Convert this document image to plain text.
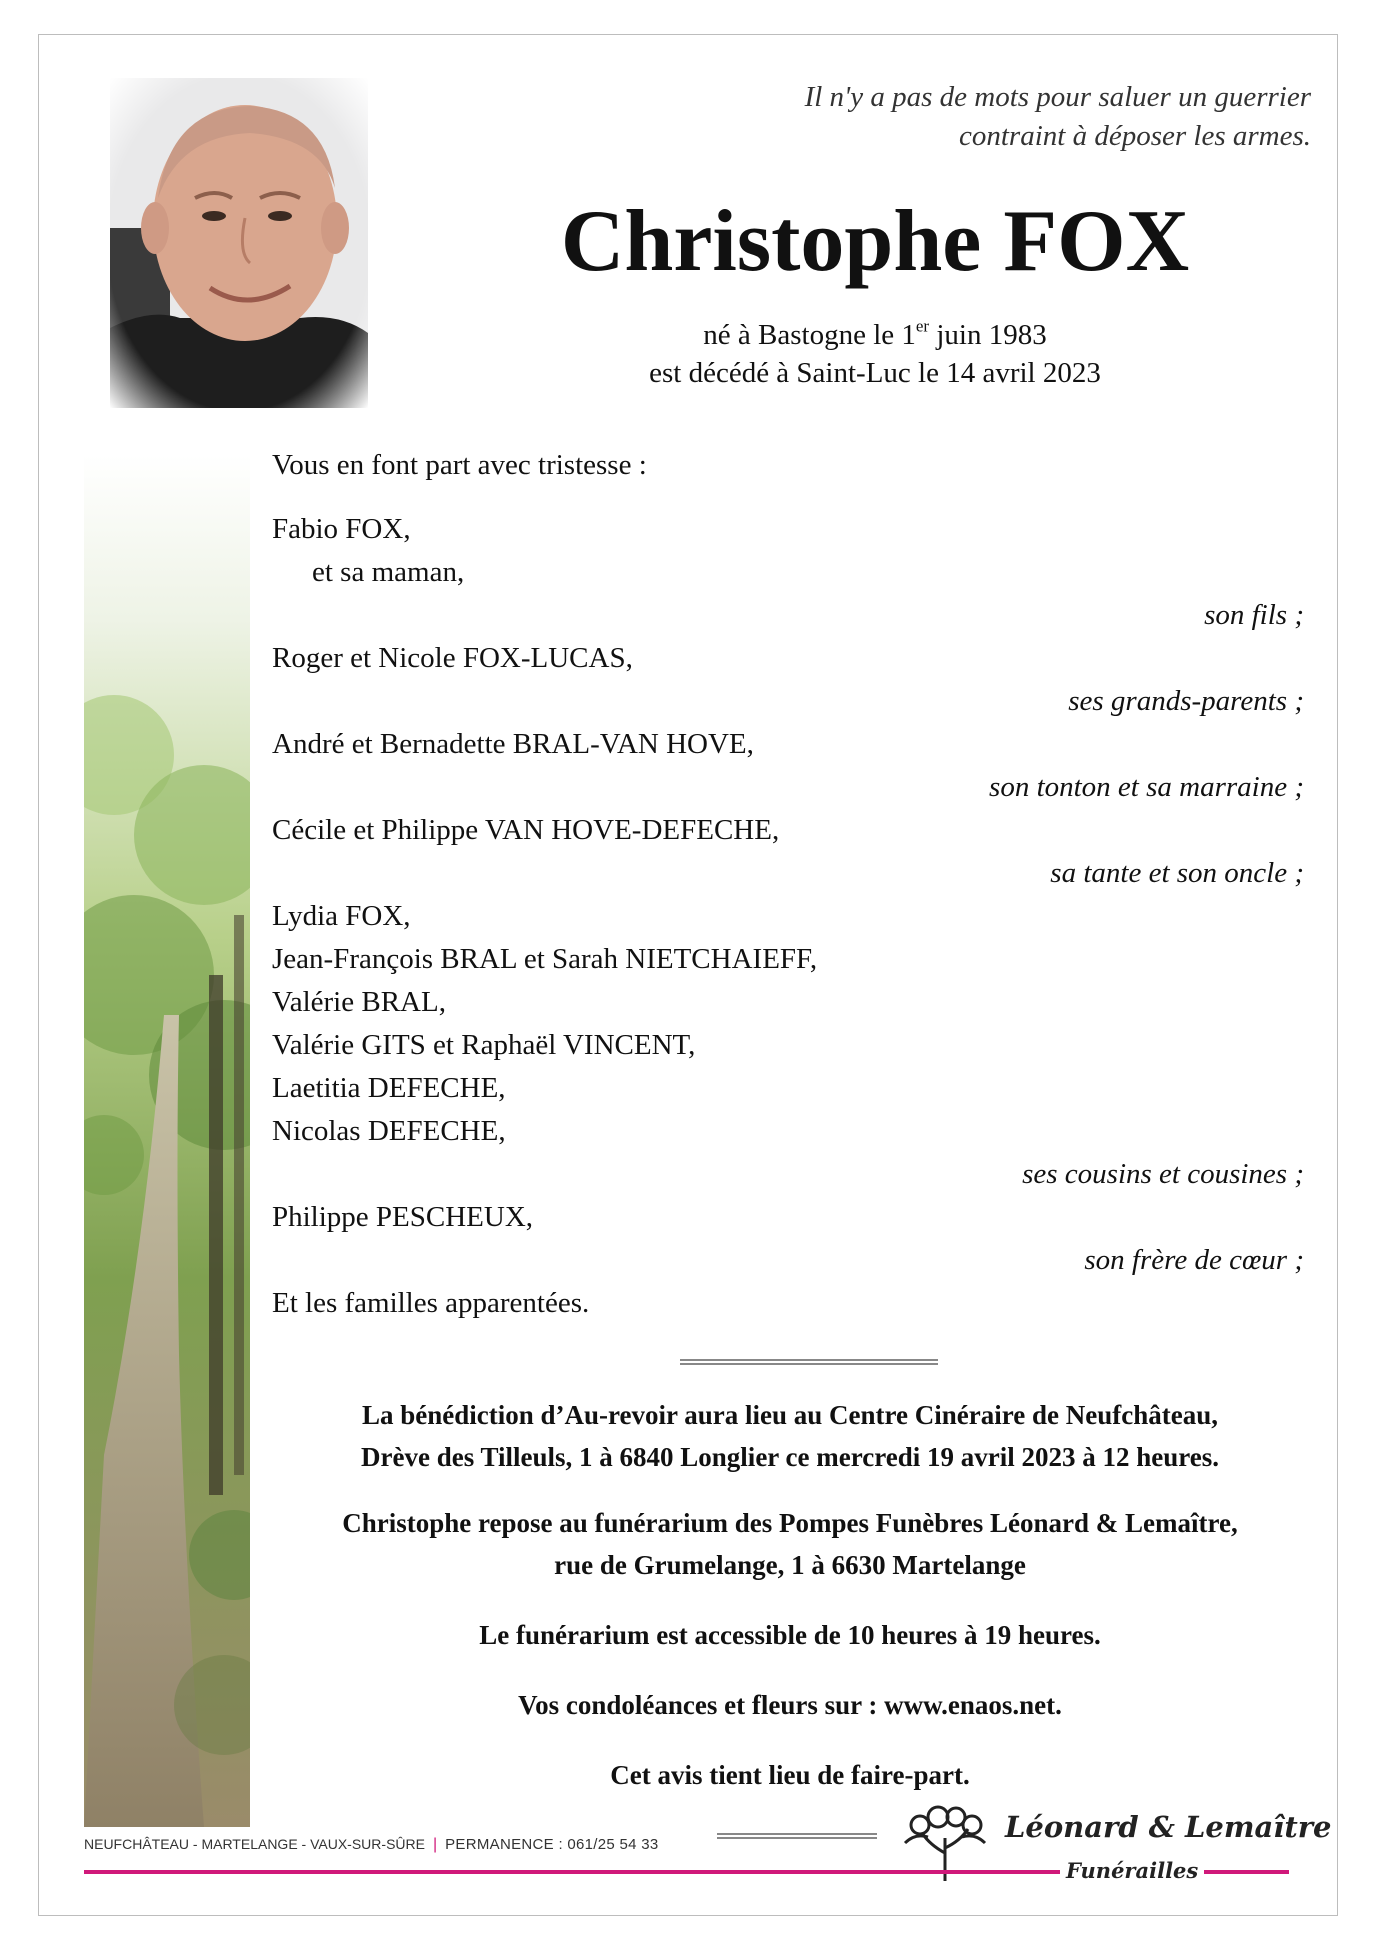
Il n'y a pas de mots pour saluer un guerrier
contraint à déposer les armes.
Christophe FOX
né à Bastogne le 1er juin 1983
est décédé à Saint-Luc le 14 avril 2023
Vous en font part avec tristesse :
Fabio FOX,
et sa maman,
son fils ;
Roger et Nicole FOX-LUCAS,
ses grands-parents ;
André et Bernadette BRAL-VAN HOVE,
son tonton et sa marraine ;
Cécile et Philippe VAN HOVE-DEFECHE,
sa tante et son oncle ;
Lydia FOX,
Jean-François BRAL et Sarah NIETCHAIEFF,
Valérie BRAL,
Valérie GITS et Raphaël VINCENT,
Laetitia DEFECHE,
Nicolas DEFECHE,
ses cousins et cousines ;
Philippe PESCHEUX,
son frère de cœur ;
Et les familles apparentées.

La bénédiction d’Au-revoir aura lieu au Centre Cinéraire de Neufchâteau,

Drève des Tilleuls, 1 à 6840 Longlier ce mercredi 19 avril 2023 à 12 heures.

Christophe repose au funérarium des Pompes Funèbres Léonard & Lemaître,

rue de Grumelange, 1 à 6630 Martelange

Le funérarium est accessible de 10 heures à 19 heures.

Vos condoléances et fleurs sur : www.enaos.net.

Cet avis tient lieu de faire-part.

NEUFCHÂTEAU - MARTELANGE - VAUX-SUR-SÛRE | PERMANENCE : 061/25 54 33
Léonard & Lemaître
Funérailles
